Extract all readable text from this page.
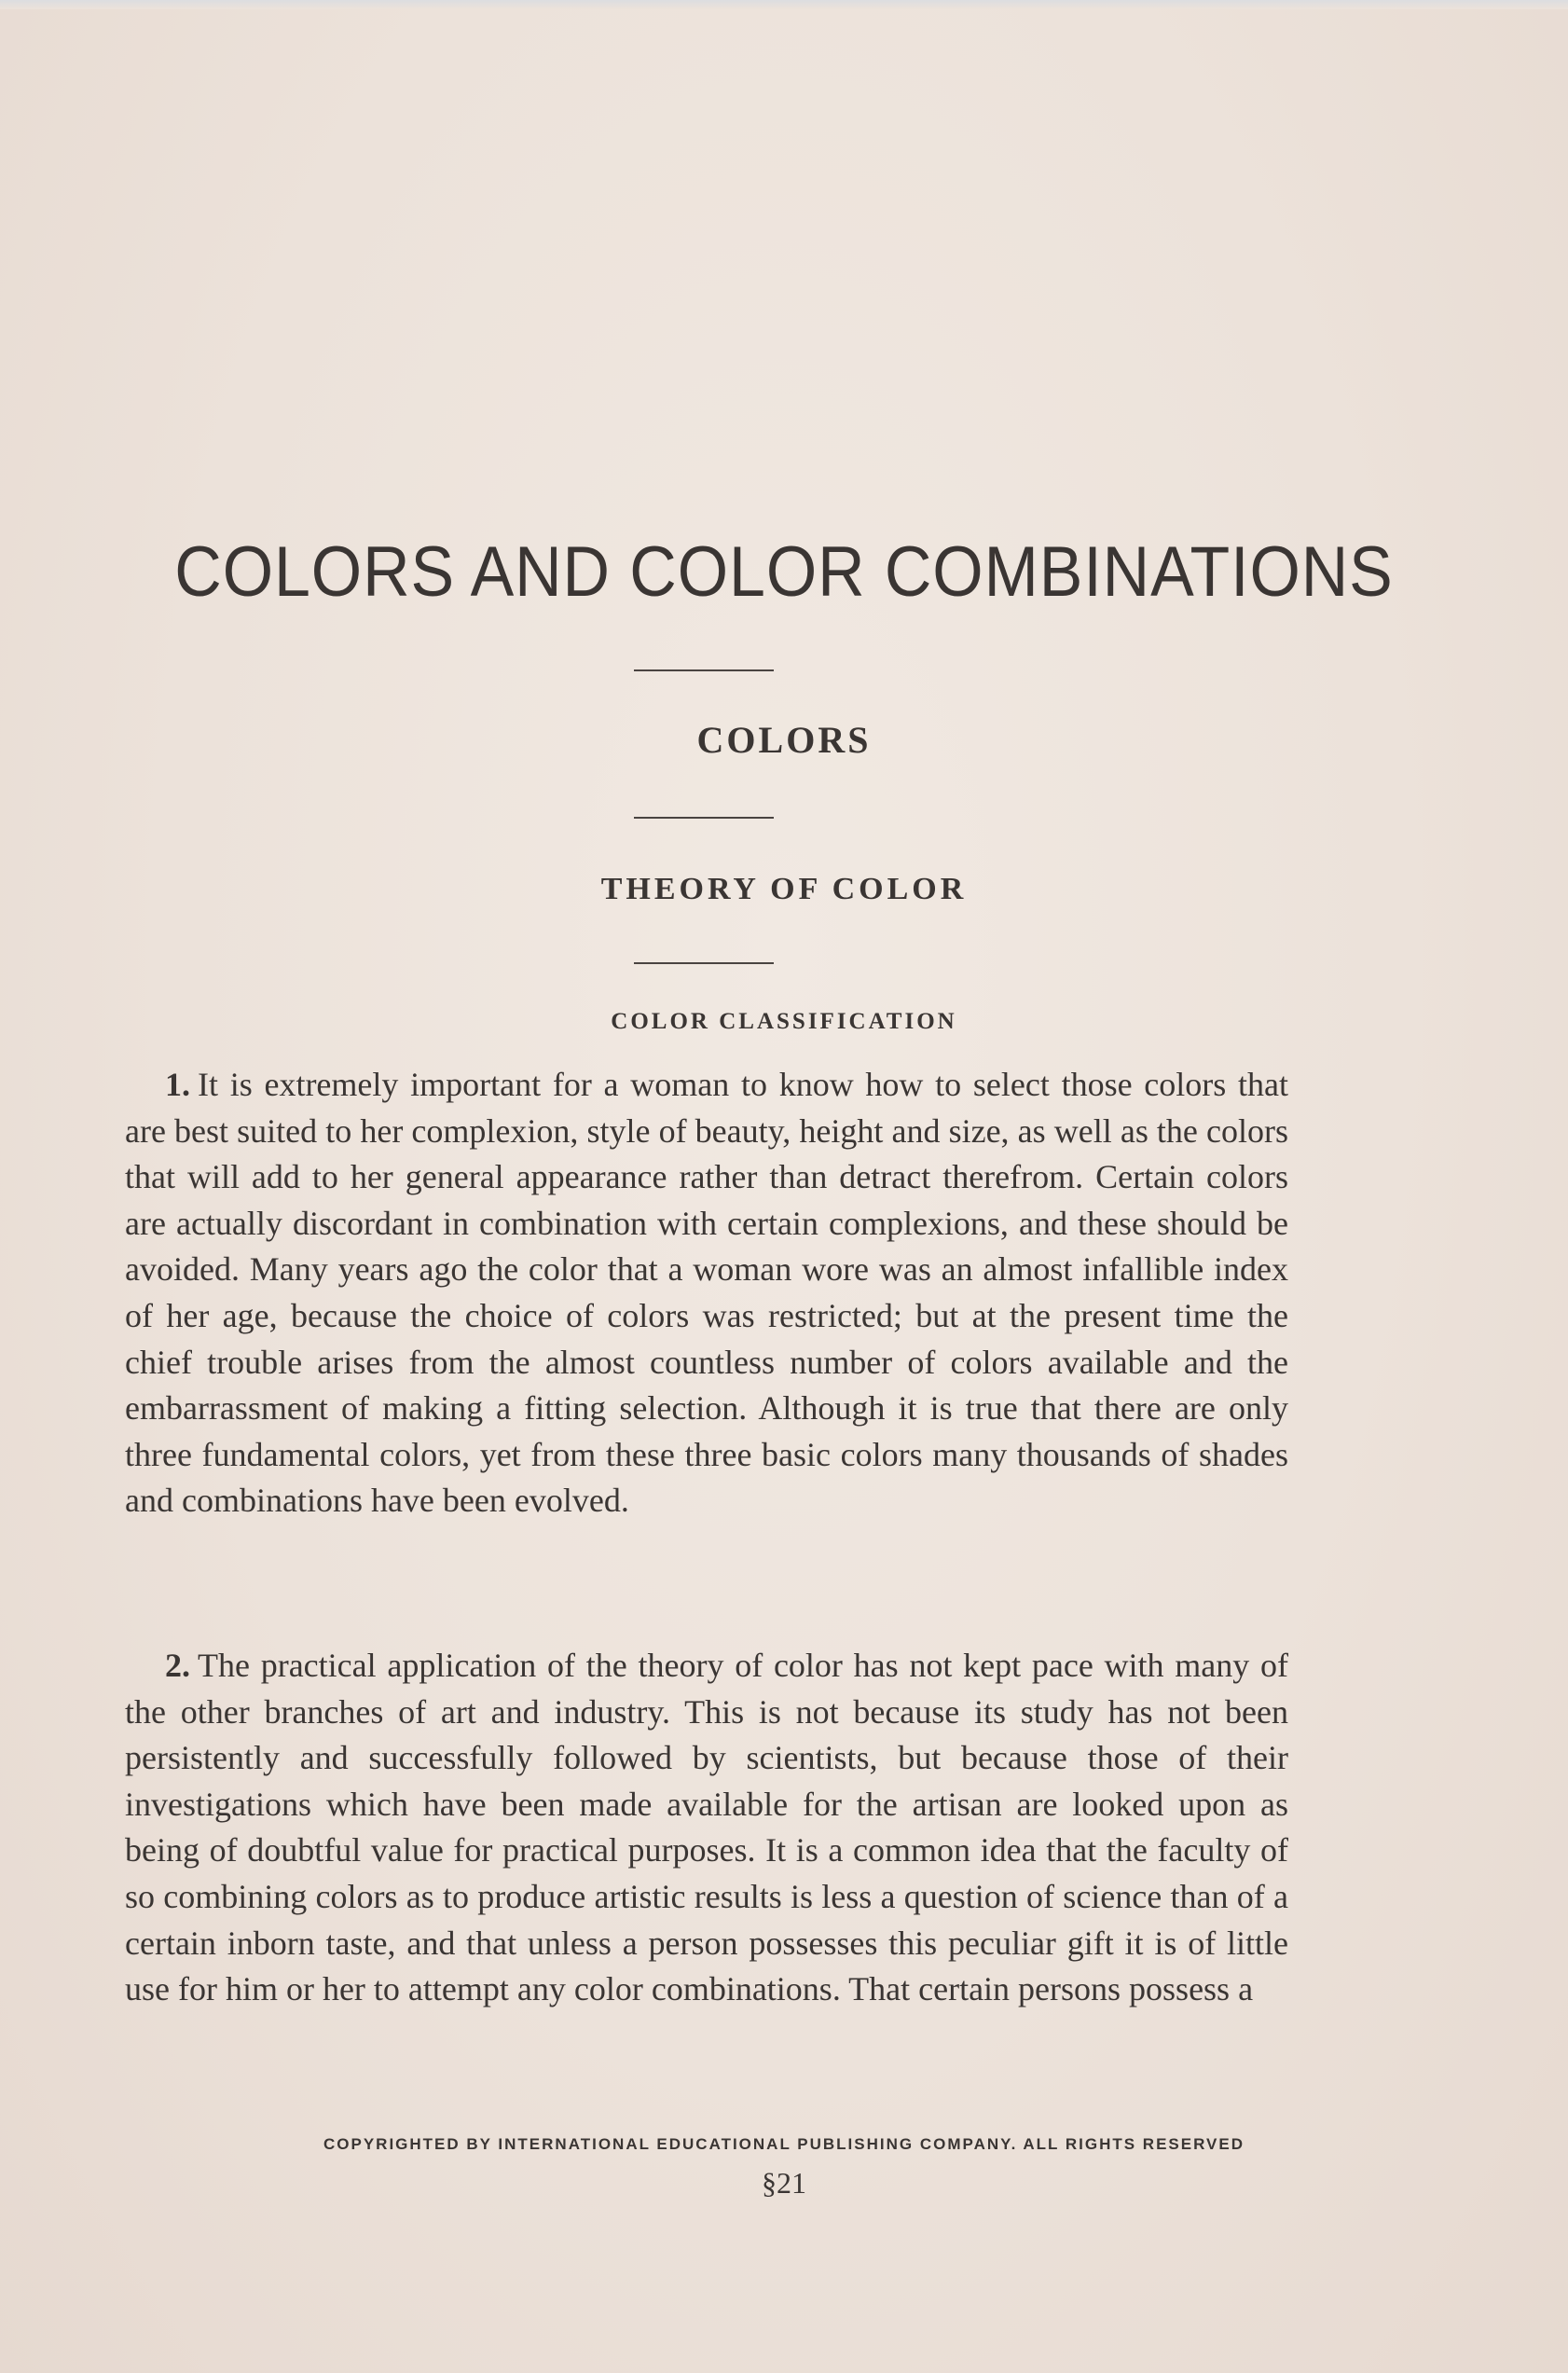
COLORS AND COLOR COMBINATIONS
COLORS
THEORY OF COLOR
COLOR CLASSIFICATION

1. It is extremely important for a woman to know how to select those colors that are best suited to her complexion, style of beauty, height and size, as well as the colors that will add to her general appearance rather than detract therefrom. Certain colors are actually discordant in combination with certain complexions, and these should be avoided. Many years ago the color that a woman wore was an almost infallible index of her age, because the choice of colors was restricted; but at the present time the chief trouble arises from the almost countless number of colors available and the embarrassment of making a fitting selection. Although it is true that there are only three fundamental colors, yet from these three basic colors many thousands of shades and combinations have been evolved.

2. The practical application of the theory of color has not kept pace with many of the other branches of art and industry. This is not because its study has not been persistently and successfully followed by scientists, but because those of their investigations which have been made available for the artisan are looked upon as being of doubtful value for practical purposes. It is a common idea that the faculty of so combining colors as to produce artistic results is less a question of science than of a certain inborn taste, and that unless a person possesses this peculiar gift it is of little use for him or her to attempt any color combinations. That certain persons possess a

COPYRIGHTED BY INTERNATIONAL EDUCATIONAL PUBLISHING COMPANY. ALL RIGHTS RESERVED

§21
